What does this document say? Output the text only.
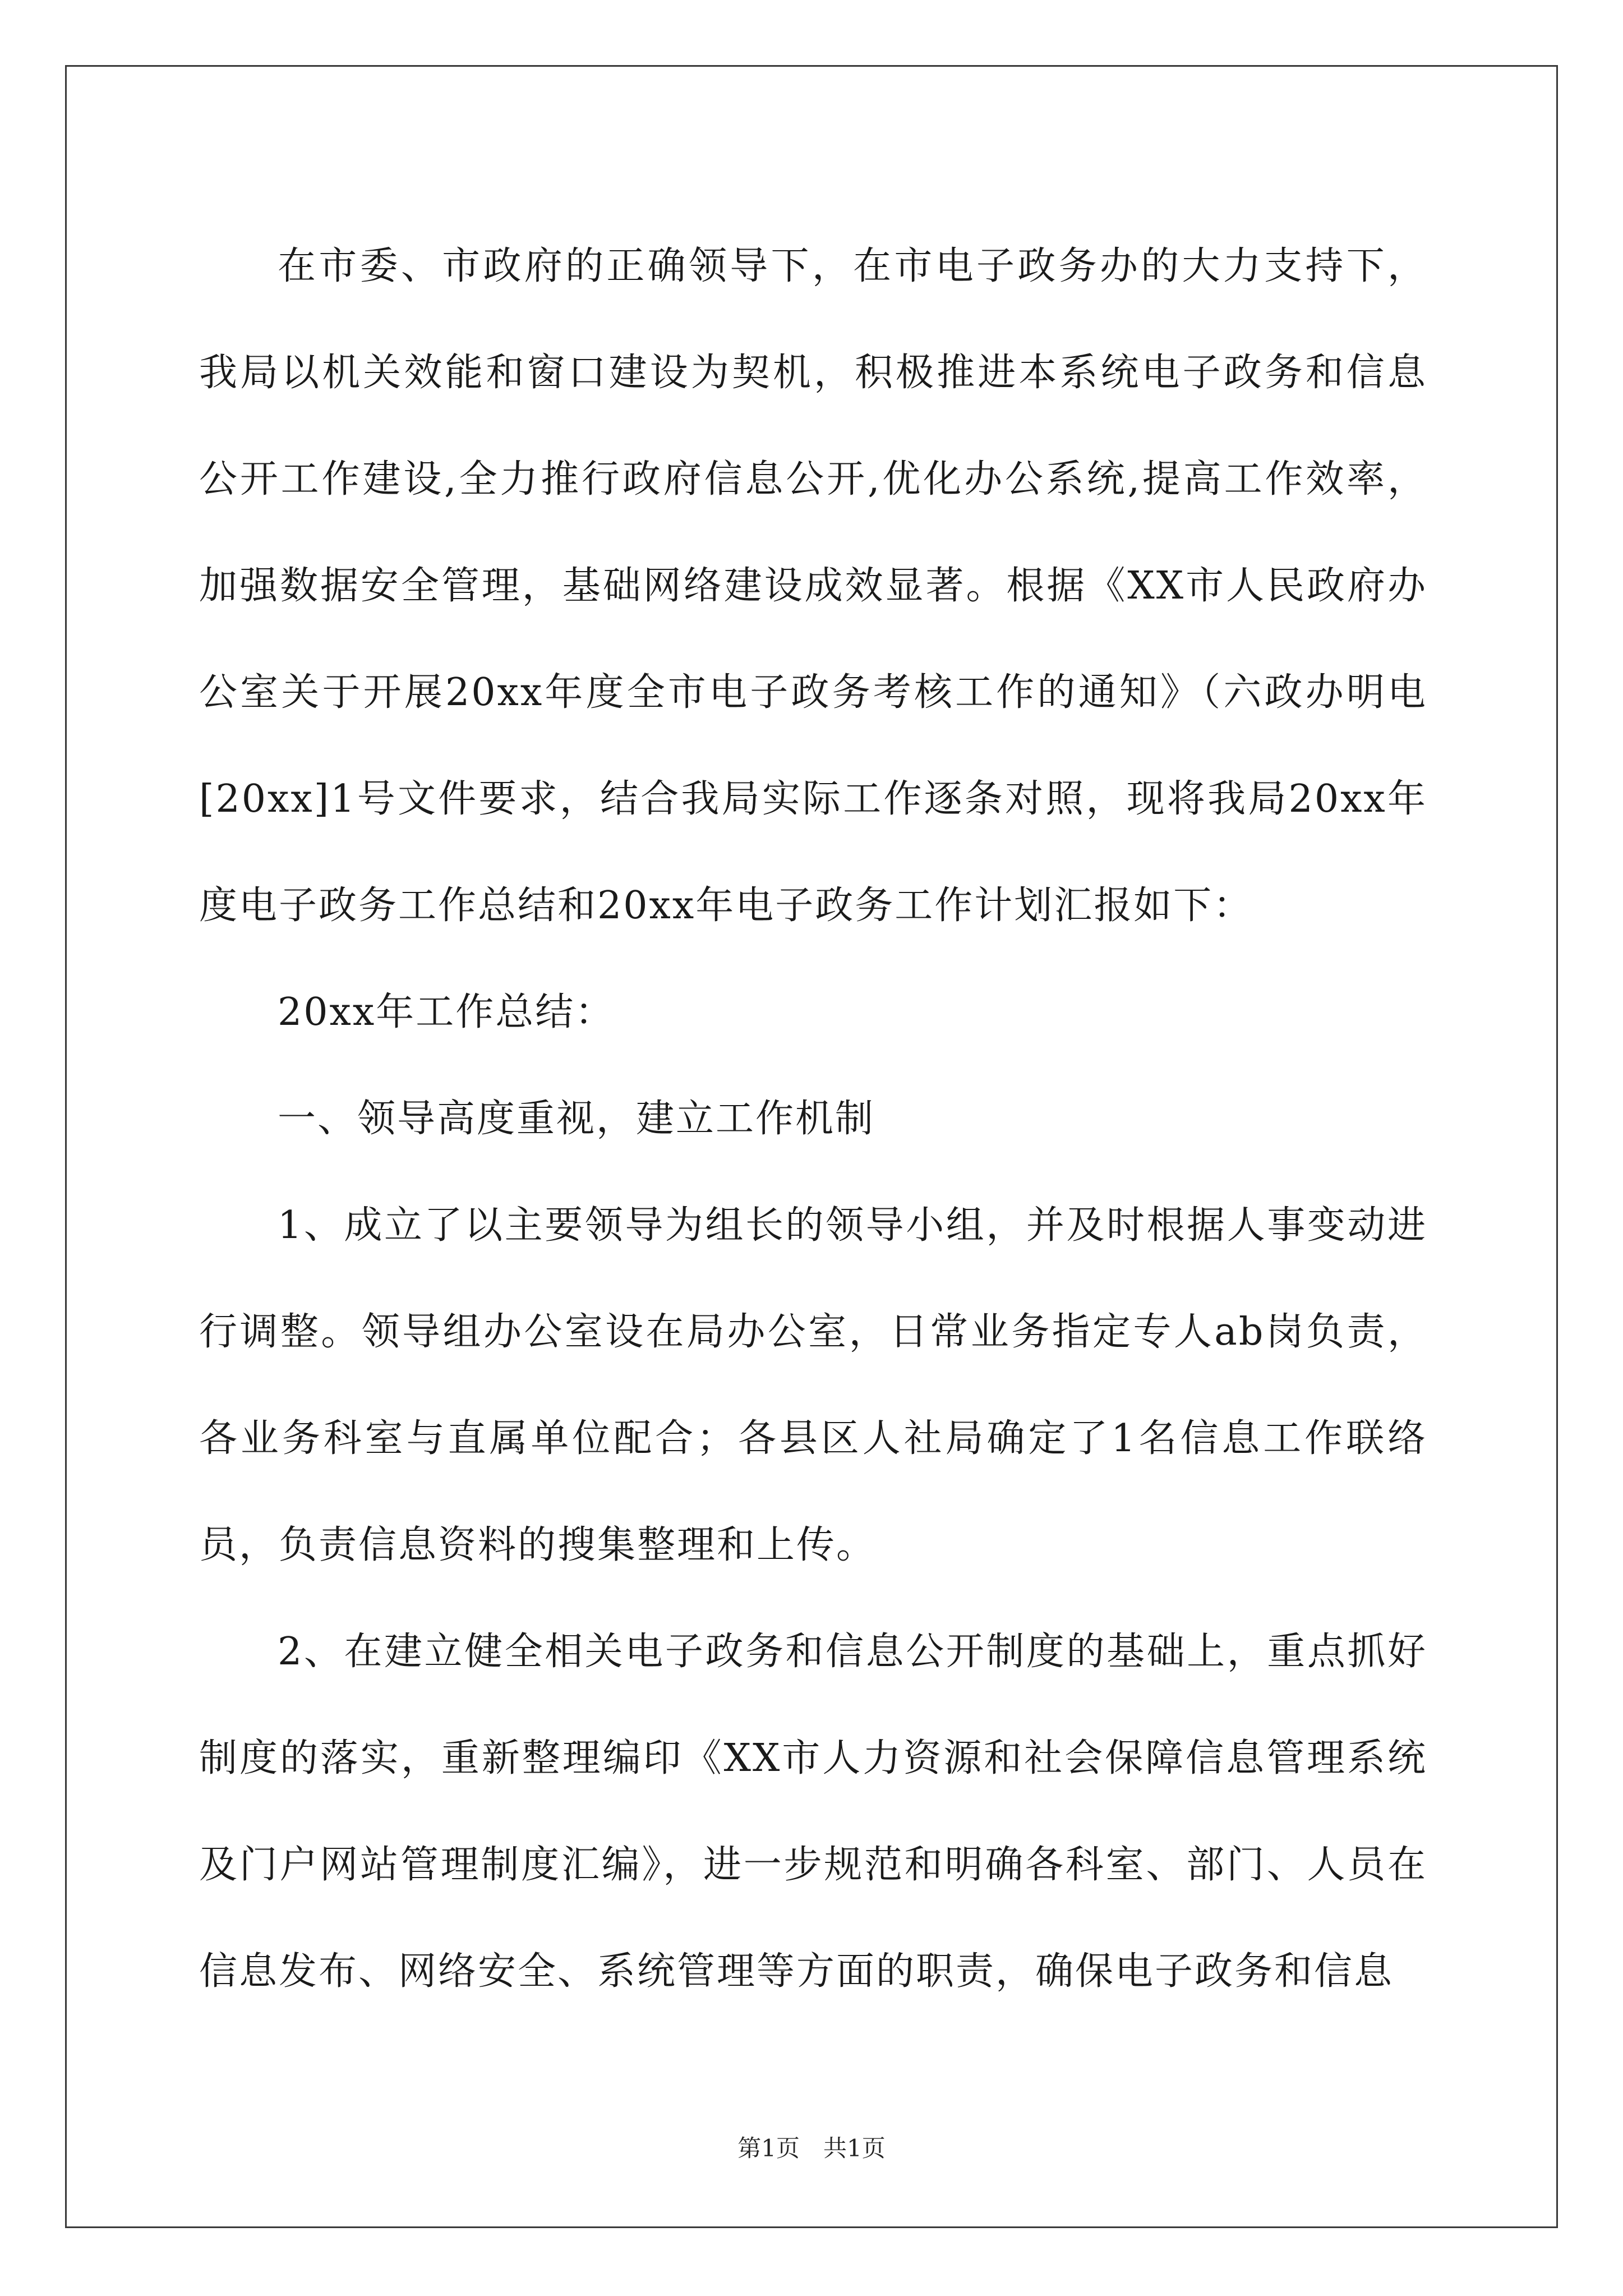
在市委、市政府的正确领导下，在市电子政务办的大力支持下，我局以机关效能和窗口建设为契机，积极推进本系统电子政务和信息公开工作建设,全力推行政府信息公开,优化办公系统,提高工作效率，加强数据安全管理，基础网络建设成效显著。根据《XX市人民政府办公室关于开展20xx年度全市电子政务考核工作的通知》（六政办明电[20xx]1号文件要求，结合我局实际工作逐条对照，现将我局20xx年度电子政务工作总结和20xx年电子政务工作计划汇报如下：

20xx年工作总结：

一、领导高度重视，建立工作机制

1、成立了以主要领导为组长的领导小组，并及时根据人事变动进行调整。领导组办公室设在局办公室，日常业务指定专人ab岗负责，各业务科室与直属单位配合；各县区人社局确定了1名信息工作联络员，负责信息资料的搜集整理和上传。

2、在建立健全相关电子政务和信息公开制度的基础上，重点抓好制度的落实，重新整理编印《XX市人力资源和社会保障信息管理系统及门户网站管理制度汇编》，进一步规范和明确各科室、部门、人员在信息发布、网络安全、系统管理等方面的职责，确保电子政务和信息

第1页　共1页
